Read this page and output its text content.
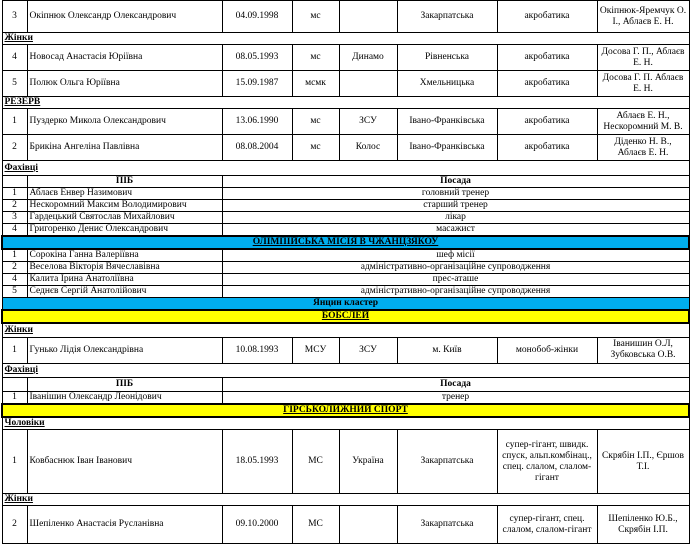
3	Окіпнюк Олександр Олександрович	04.09.1998	мс		Закарпатська	акробатика	Окіпнюк-Яремчук О. І., Аблаєв Е. Н.
Жінки							
4	Новосад Анастасія Юріївна	08.05.1993	мс	Динамо	Рівненська	акробатика	Досова Г. П., Аблаєв Е. Н.
5	Полюк Ольга Юріївна	15.09.1987	мсмк		Хмельницька	акробатика	Досова Г. П. Аблаєв Е. Н.
РЕЗЕРВ							
1	Пуздерко Микола Олександрович	13.06.1990	мс	ЗСУ	Івано-Франківська	акробатика	Аблаєв Е. Н., Нескоромний М. В.
2	Брикіна Ангеліна Павлівна	08.08.2004	мс	Колос	Івано-Франківська	акробатика	Діденко Н. В., Аблаєв Е. Н.
Фахівці							
	ПІБ	Посада					
1	Аблаєв Енвер Назимович	головний тренер					
2	Нескоромний Максим Володимирович	старший тренер					
3	Гардецький Святослав Михайлович	лікар					
4	Григоренко Денис Олександрович	масажист					
ОЛІМПІЙСЬКА МІСІЯ В ЧЖАНЦЗЯКОУ							
1	Сорокіна Ганна Валеріївна	шеф місії					
2	Веселова Вікторія Вячеславівна	адміністративно-організаційне супроводження					
4	Калита Ірина Анатоліївна	прес-аташе					
5	Седнєв Сергій Анатолійович	адміністративно-організаційне супроводження					
Янцин кластер							
БОБСЛЕЙ							
Жінки							
1	Гунько Лідія Олександрівна	10.08.1993	МСУ	ЗСУ	м. Київ	монобоб-жінки	Іванишин О.Л, Зубковська О.В.
Фахівці							
	ПІБ	Посада					
1	Іванішин Олександр Леонідович	тренер					
ГІРСЬКОЛИЖНИЙ СПОРТ							
Чоловіки							
1	Ковбаснюк Іван Іванович	18.05.1993	МС	Україна	Закарпатська	супер-гігант, швидк. спуск, альп.комбінац., спец. слалом, слалом-гігант	Скрябін І.П., Єршов Т.І.
Жінки							
2	Шепіленко Анастасія Русланівна	09.10.2000	МС		Закарпатська	супер-гігант, спец. слалом, слалом-гігант	Шепіленко Ю.Б., Скрябін І.П.
